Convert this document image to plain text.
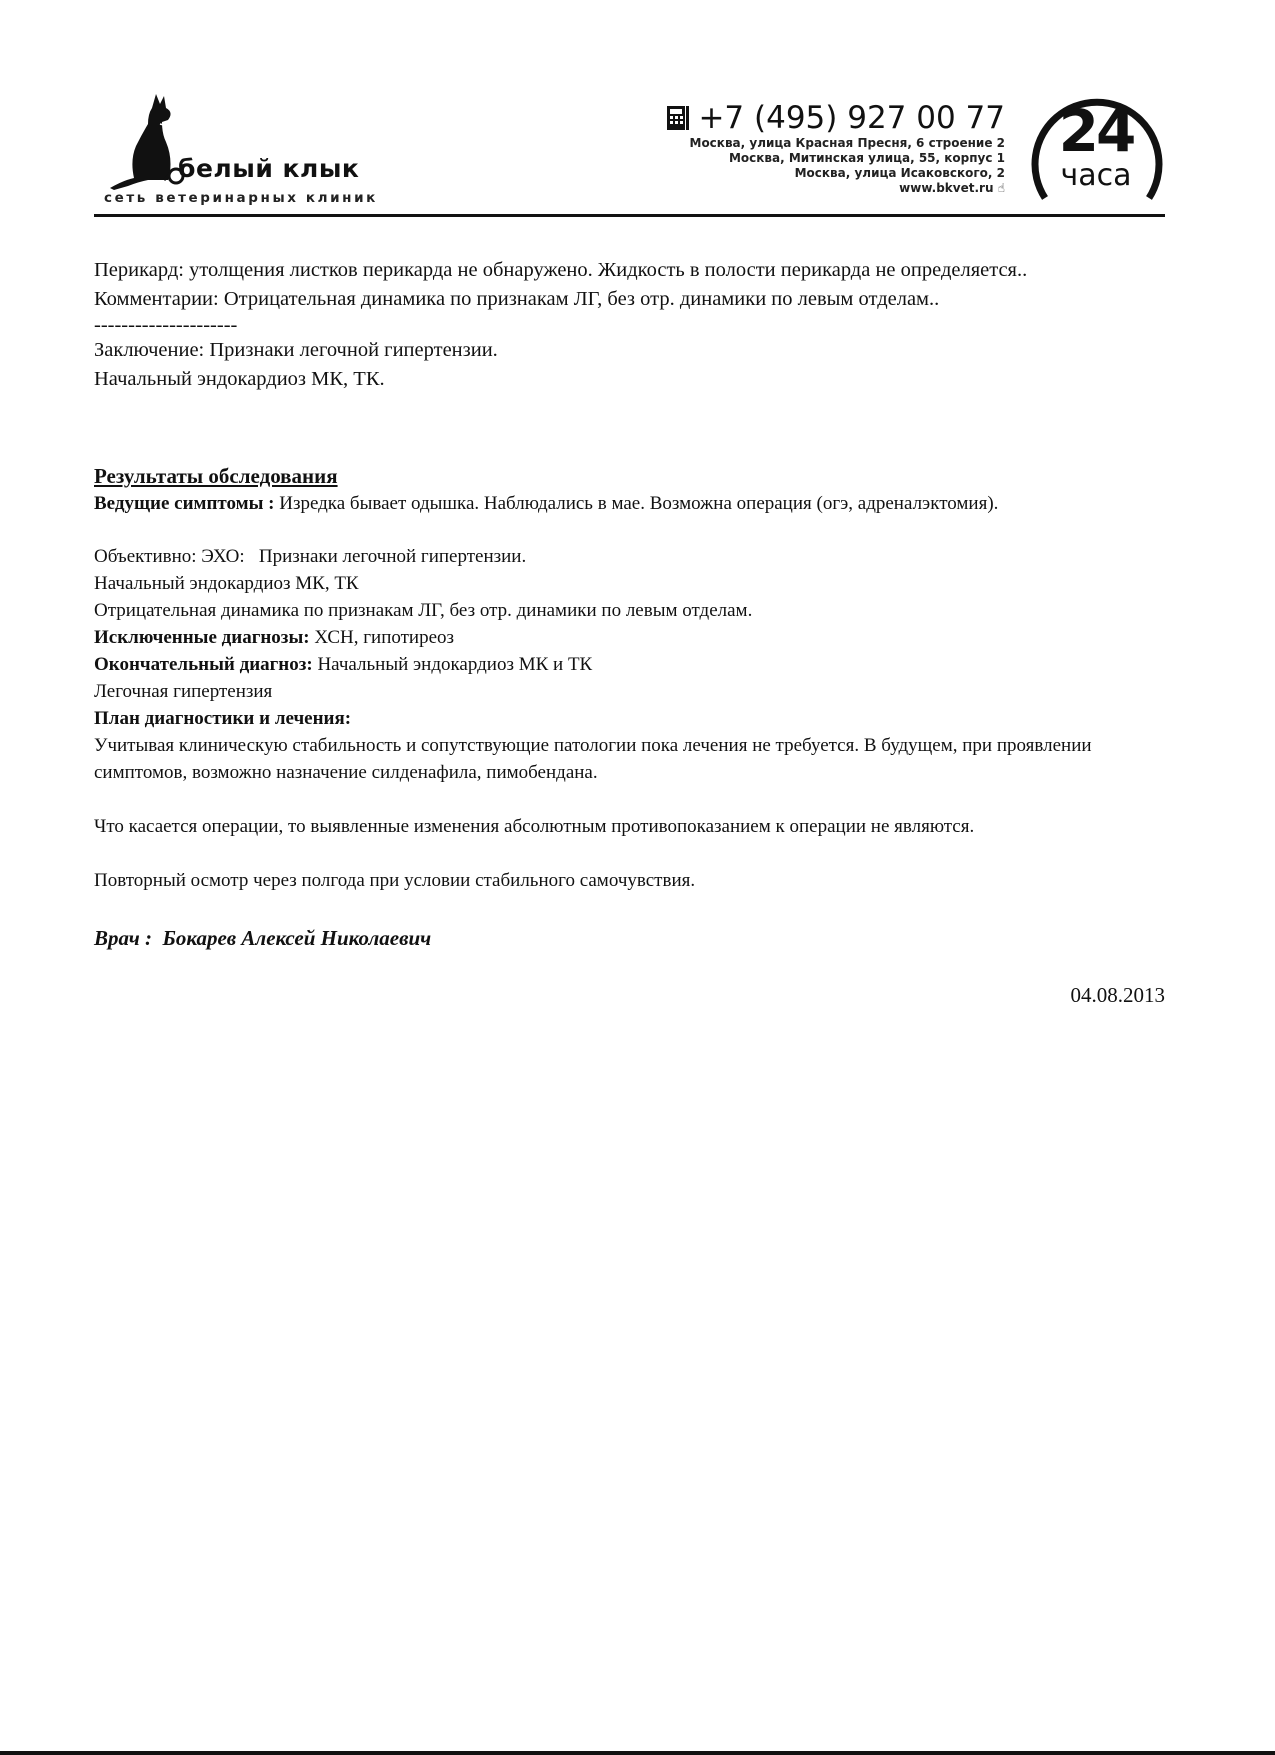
белый клык
сеть ветеринарных клиник
+7 (495) 927 00 77
Москва, улица Красная Пресня, 6 строение 2
Москва, Митинская улица, 55, корпус 1
Москва, улица Исаковского, 2
www.bkvet.ru ☝
24
часа
Перикард: утолщения листков перикарда не обнаружено. Жидкость в полости перикарда не определяется..
Комментарии: Отрицательная динамика по признакам ЛГ, без отр. динамики по левым отделам..
---------------------
Заключение: Признаки легочной гипертензии.
Начальный эндокардиоз МК, ТК.
Результаты обследования
Ведущие симптомы : Изредка бывает одышка. Наблюдались в мае. Возможна операция (огэ, адреналэктомия).
Объективно: ЭХО:   Признаки легочной гипертензии.
Начальный эндокардиоз МК, ТК
Отрицательная динамика по признакам ЛГ, без отр. динамики по левым отделам.
Исключенные диагнозы: ХСН, гипотиреоз
Окончательный диагноз: Начальный эндокардиоз МК и ТК
Легочная гипертензия
План диагностики и лечения:
Учитывая клиническую стабильность и сопутствующие патологии пока лечения не требуется. В будущем, при проявлении симптомов, возможно назначение силденафила, пимобендана.
Что касается операции, то выявленные изменения абсолютным противопоказанием к операции не являются.
Повторный осмотр через полгода при условии стабильного самочувствия.
Врач :  Бокарев Алексей Николаевич
04.08.2013
